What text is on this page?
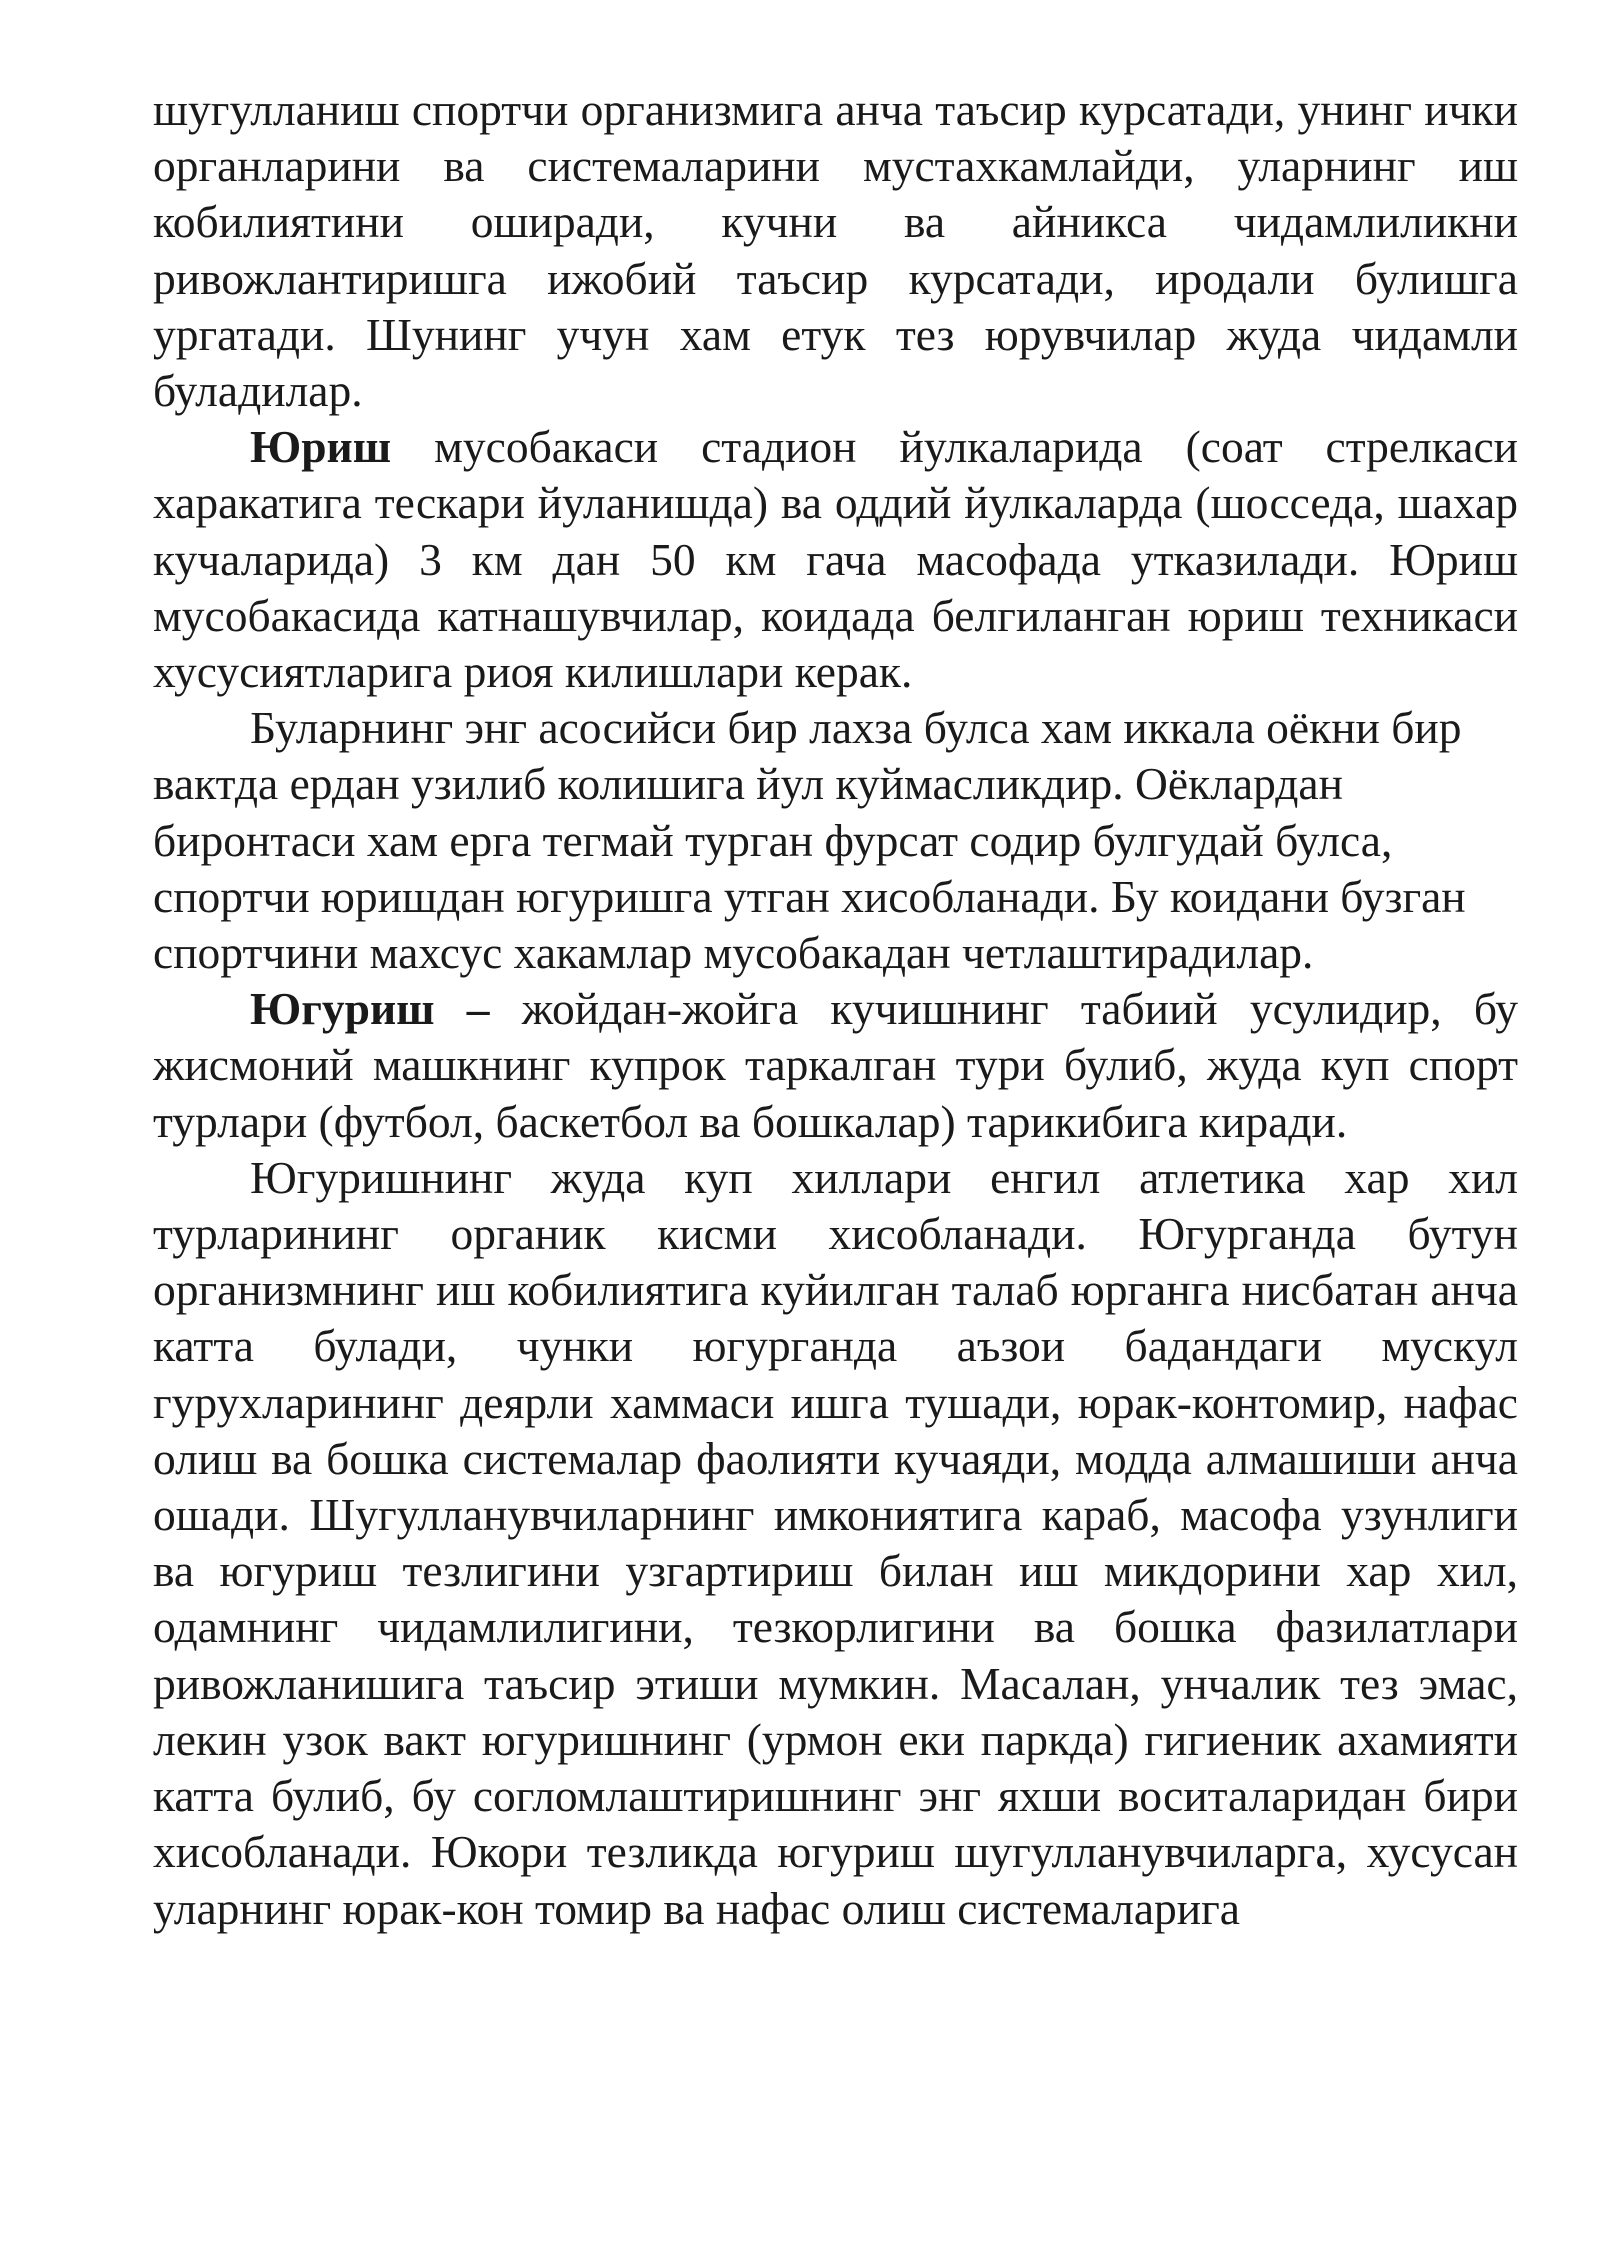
шугулланиш спортчи организмига анча таъсир курсатади, унинг ички органларини ва системаларини мустахкамлайди, уларнинг иш кобилиятини оширади, кучни ва айникса чидамлиликни ривожлантиришга ижобий таъсир курсатади, иродали булишга ургатади. Шунинг учун хам етук тез юрувчилар жуда чидамли буладилар.

Юриш мусобакаси стадион йулкаларида (соат стрелкаси харакатига тескари йуланишда) ва оддий йулкаларда (шосседа, шахар кучаларида) 3 км дан 50 км гача масофада утказилади. Юриш мусобакасида катнашувчилар, коидада белгиланган юриш техникаси хусусиятларига риоя килишлари керак.

Буларнинг энг асосийси бир лахза булса хам иккала оёкни бир вактда ердан узилиб колишига йул куймасликдир. Оёклардан бирoнтаси хам ерга тегмай турган фурсат содир булгудай булса, спортчи юришдан югуришга утган хисобланади. Бу коидани бузган спортчини махсус хакамлар мусобакадан четлаштирадилар.

Югуриш – жойдан-жойга кучишнинг табиий усулидир, бу жисмоний машкнинг купрок таркалган тури булиб, жуда куп спорт турлари (футбол, баскетбол ва бошкалар) тарикибига киради.

Югуришнинг жуда куп хиллари енгил атлетика хар хил турларининг органик кисми хисобланади. Югурганда бутун организмнинг иш кобилиятига куйилган талаб юрганга нисбатан анча катта булади, чунки югурганда аъзои бадандаги мускул гурухларининг деярли хаммаси ишга тушади, юрак-контомир, нафас олиш ва бошка системалар фаолияти кучаяди, модда алмашиши анча ошади. Шугулланувчиларнинг имкониятига караб, масофа узунлиги ва югуриш тезлигини узгартириш билан иш микдорини хар хил, одамнинг чидамлилигини, тезкорлигини ва бошка фазилатлари ривожланишига таъсир этиши мумкин. Масалан, унчалик тез эмас, лекин узок вакт югуришнинг (урмон еки паркда) гигиеник ахамияти катта булиб, бу согломлаштиришнинг энг яхши воситаларидан бири хисобланади. Юкори тезликда югуриш шугулланувчиларга, хусусан уларнинг юрак-кон томир ва нафас олиш системаларига
